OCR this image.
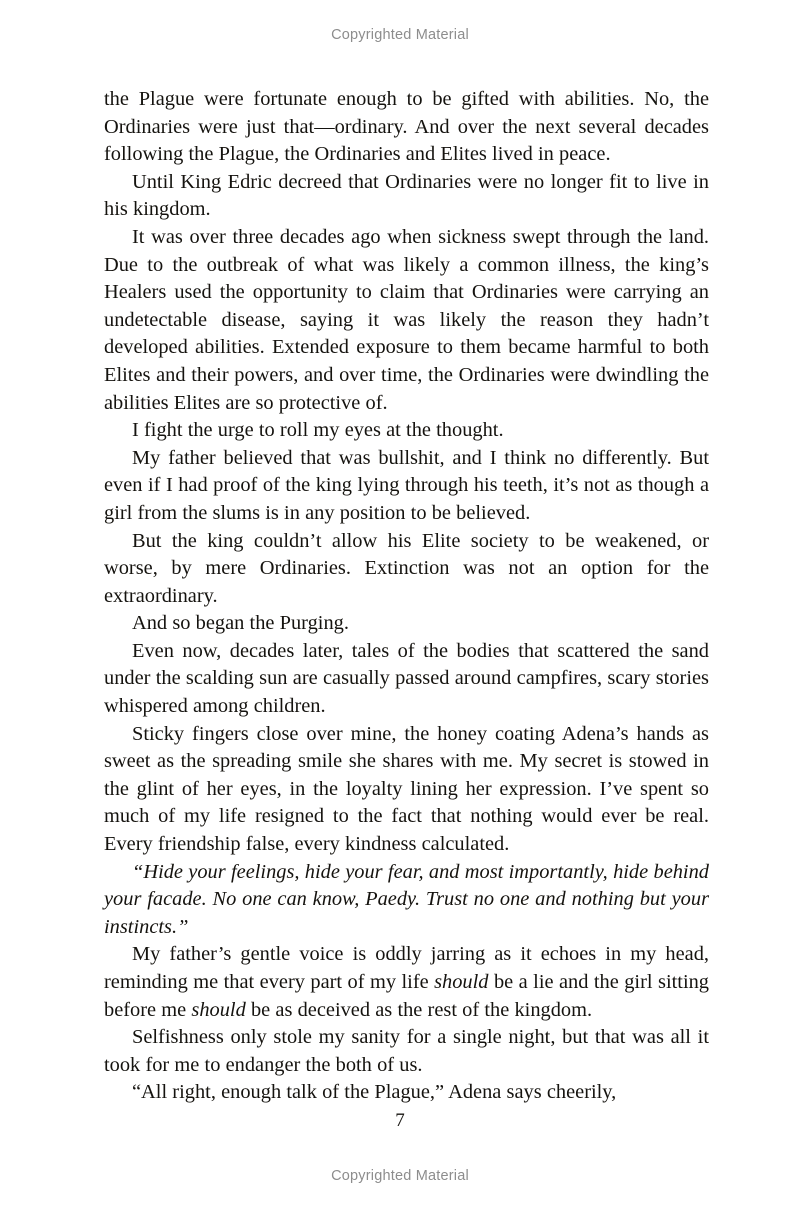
Copyrighted Material

the Plague were fortunate enough to be gifted with abilities. No, the Ordinaries were just that—ordinary. And over the next several decades following the Plague, the Ordinaries and Elites lived in peace.

Until King Edric decreed that Ordinaries were no longer fit to live in his kingdom.

It was over three decades ago when sickness swept through the land. Due to the outbreak of what was likely a common illness, the king’s Healers used the opportunity to claim that Ordinaries were carrying an undetectable disease, saying it was likely the reason they hadn’t developed abilities. Extended exposure to them became harmful to both Elites and their powers, and over time, the Ordinaries were dwindling the abilities Elites are so protective of.

I fight the urge to roll my eyes at the thought.

My father believed that was bullshit, and I think no differently. But even if I had proof of the king lying through his teeth, it’s not as though a girl from the slums is in any position to be believed.

But the king couldn’t allow his Elite society to be weakened, or worse, by mere Ordinaries. Extinction was not an option for the extraordinary.

And so began the Purging.

Even now, decades later, tales of the bodies that scattered the sand under the scalding sun are casually passed around campfires, scary stories whispered among children.

Sticky fingers close over mine, the honey coating Adena’s hands as sweet as the spreading smile she shares with me. My secret is stowed in the glint of her eyes, in the loyalty lining her expression. I’ve spent so much of my life resigned to the fact that nothing would ever be real. Every friendship false, every kindness calculated.

“Hide your feelings, hide your fear, and most importantly, hide behind your facade. No one can know, Paedy. Trust no one and nothing but your instincts.”

My father’s gentle voice is oddly jarring as it echoes in my head, reminding me that every part of my life should be a lie and the girl sitting before me should be as deceived as the rest of the kingdom.

Selfishness only stole my sanity for a single night, but that was all it took for me to endanger the both of us.

“All right, enough talk of the Plague,” Adena says cheerily,

7
Copyrighted Material
